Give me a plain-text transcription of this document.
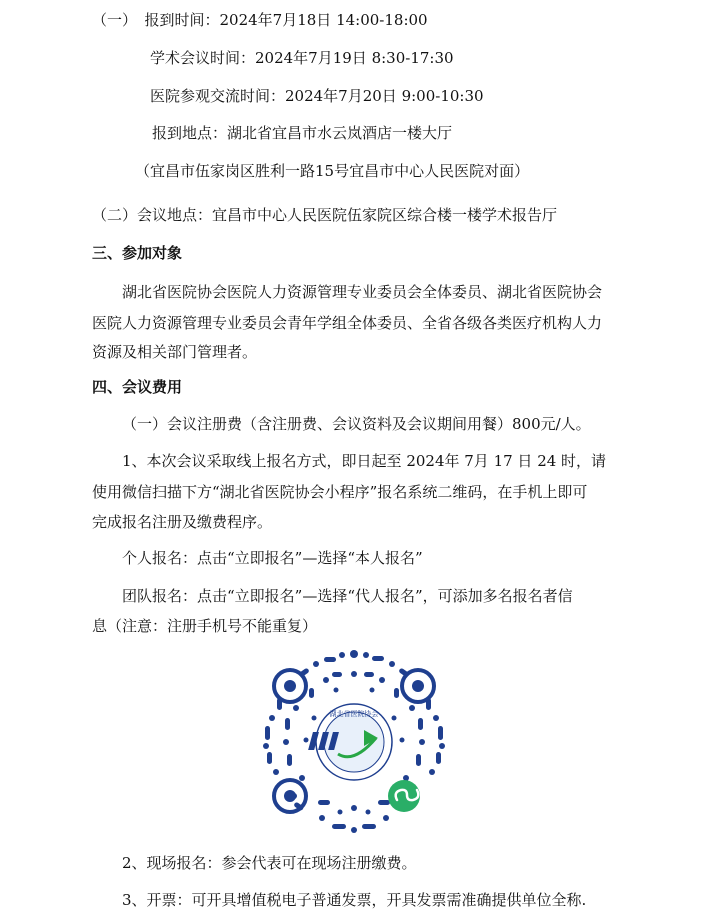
（一）　报到时间：2024年7月18日 14:00-18:00
学术会议时间：2024年7月19日 8:30-17:30
医院参观交流时间：2024年7月20日 9:00-10:30
报到地点：湖北省宜昌市水云岚酒店一楼大厅
（宜昌市伍家岗区胜利一路15号宜昌市中心人民医院对面）
（二）会议地点：宜昌市中心人民医院伍家院区综合楼一楼学术报告厅
三、参加对象
湖北省医院协会医院人力资源管理专业委员会全体委员、湖北省医院协会
医院人力资源管理专业委员会青年学组全体委员、全省各级各类医疗机构人力
资源及相关部门管理者。
四、会议费用
（一）会议注册费（含注册费、会议资料及会议期间用餐）800元/人。
1、本次会议采取线上报名方式，即日起至 2024年 7月 17 日 24 时，请
使用微信扫描下方“湖北省医院协会小程序”报名系统二维码，在手机上即可
完成报名注册及缴费程序。
个人报名：点击“立即报名”—选择“本人报名”
团队报名：点击“立即报名”—选择“代人报名”，可添加多名报名者信
息（注意：注册手机号不能重复）
湖北省医院协会
2、现场报名：参会代表可在现场注册缴费。
3、开票：可开具增值税电子普通发票，开具发票需准确提供单位全称.
